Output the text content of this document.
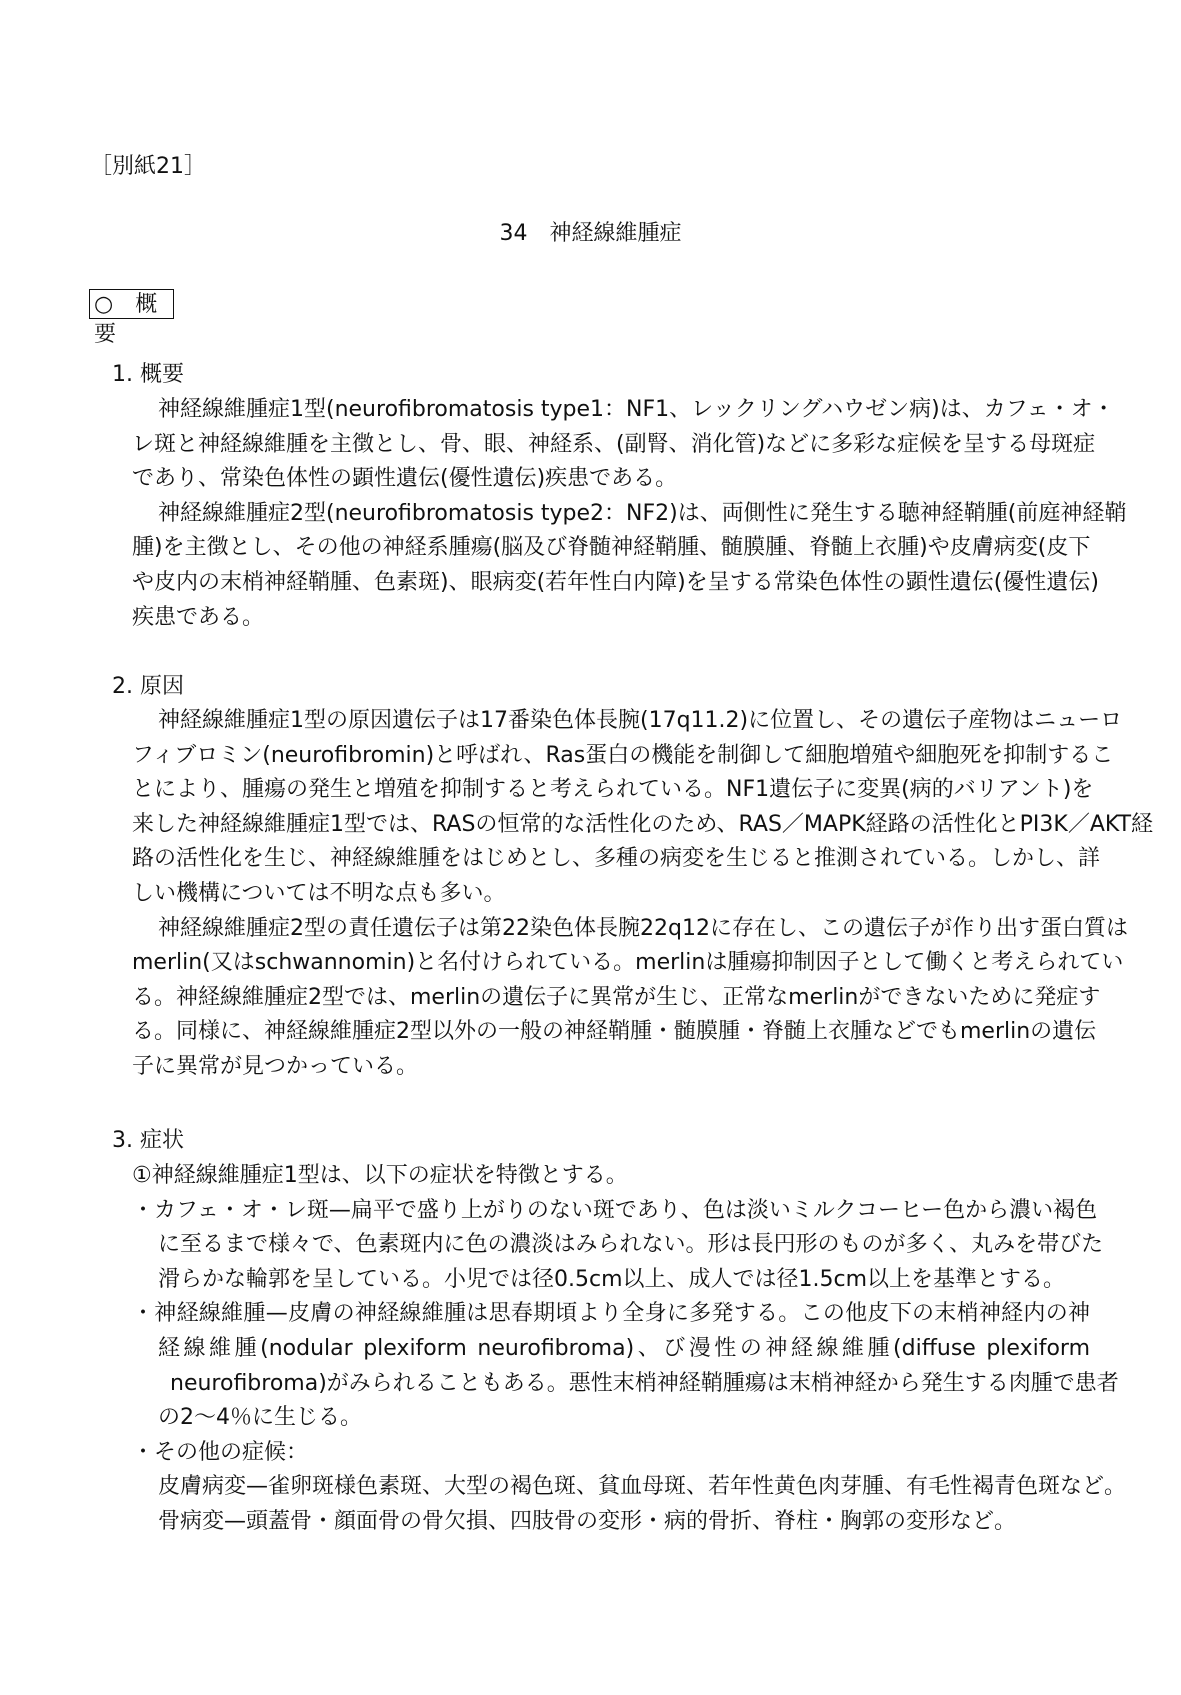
［別紙21］
34　神経線維腫症
○　概要
1. 概要
神経線維腫症1型(neurofibromatosis type1：NF1、レックリングハウゼン病)は、カフェ・オ・
レ斑と神経線維腫を主徴とし、骨、眼、神経系、(副腎、消化管)などに多彩な症候を呈する母斑症
であり、常染色体性の顕性遺伝(優性遺伝)疾患である。
神経線維腫症2型(neurofibromatosis type2：NF2)は、両側性に発生する聴神経鞘腫(前庭神経鞘
腫)を主徴とし、その他の神経系腫瘍(脳及び脊髄神経鞘腫、髄膜腫、脊髄上衣腫)や皮膚病変(皮下
や皮内の末梢神経鞘腫、色素斑)、眼病変(若年性白内障)を呈する常染色体性の顕性遺伝(優性遺伝)
疾患である。
2. 原因
神経線維腫症1型の原因遺伝子は17番染色体長腕(17q11.2)に位置し、その遺伝子産物はニューロ
フィブロミン(neurofibromin)と呼ばれ、Ras蛋白の機能を制御して細胞増殖や細胞死を抑制するこ
とにより、腫瘍の発生と増殖を抑制すると考えられている。NF1遺伝子に変異(病的バリアント)を
来した神経線維腫症1型では、RASの恒常的な活性化のため、RAS／MAPK経路の活性化とPI3K／AKT経
路の活性化を生じ、神経線維腫をはじめとし、多種の病変を生じると推測されている。しかし、詳
しい機構については不明な点も多い。
神経線維腫症2型の責任遺伝子は第22染色体長腕22q12に存在し、この遺伝子が作り出す蛋白質は
merlin(又はschwannomin)と名付けられている。merlinは腫瘍抑制因子として働くと考えられてい
る。神経線維腫症2型では、merlinの遺伝子に異常が生じ、正常なmerlinができないために発症す
る。同様に、神経線維腫症2型以外の一般の神経鞘腫・髄膜腫・脊髄上衣腫などでもmerlinの遺伝
子に異常が見つかっている。
3. 症状
①神経線維腫症1型は、以下の症状を特徴とする。
・カフェ・オ・レ斑—扁平で盛り上がりのない斑であり、色は淡いミルクコーヒー色から濃い褐色
に至るまで様々で、色素斑内に色の濃淡はみられない。形は長円形のものが多く、丸みを帯びた
滑らかな輪郭を呈している。小児では径0.5cm以上、成人では径1.5cm以上を基準とする。
・神経線維腫—皮膚の神経線維腫は思春期頃より全身に多発する。この他皮下の末梢神経内の神
経線維腫(nodular plexiform neurofibroma)、び漫性の神経線維腫(diffuse plexiform
neurofibroma)がみられることもある。悪性末梢神経鞘腫瘍は末梢神経から発生する肉腫で患者
の2～4％に生じる。
・その他の症候：
皮膚病変—雀卵斑様色素斑、大型の褐色斑、貧血母斑、若年性黄色肉芽腫、有毛性褐青色斑など。
骨病変—頭蓋骨・顔面骨の骨欠損、四肢骨の変形・病的骨折、脊柱・胸郭の変形など。
